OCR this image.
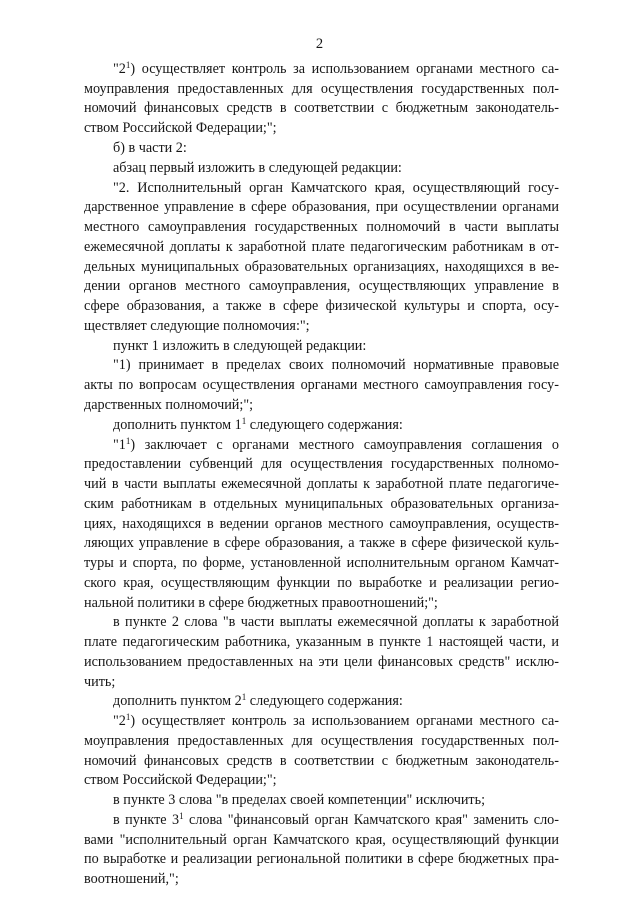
2
"$2^1$) осуществляет контроль за использованием органами местного са-
моуправления предоставленных для осуществления государственных пол-
номочий финансовых средств в соответствии с бюджетным законодатель-
ством Российской Федерации;";
б) в части 2:
абзац первый изложить в следующей редакции:
"2. Исполнительный орган Камчатского края, осуществляющий госу-
дарственное управление в сфере образования, при осуществлении органами
местного самоуправления государственных полномочий в части выплаты
ежемесячной доплаты к заработной плате педагогическим работникам в от-
дельных муниципальных образовательных организациях, находящихся в ве-
дении органов местного самоуправления, осуществляющих управление в
сфере образования, а также в сфере физической культуры и спорта, осу-
ществляет следующие полномочия:";
пункт 1 изложить в следующей редакции:
"1) принимает в пределах своих полномочий нормативные правовые
акты по вопросам осуществления органами местного самоуправления госу-
дарственных полномочий;";
дополнить пунктом $1^1$ следующего содержания:
"$1^1$) заключает с органами местного самоуправления соглашения о
предоставлении субвенций для осуществления государственных полномо-
чий в части выплаты ежемесячной доплаты к заработной плате педагогиче-
ским работникам в отдельных муниципальных образовательных организа-
циях, находящихся в ведении органов местного самоуправления, осуществ-
ляющих управление в сфере образования, а также в сфере физической куль-
туры и спорта, по форме, установленной исполнительным органом Камчат-
ского края, осуществляющим функции по выработке и реализации регио-
нальной политики в сфере бюджетных правоотношений;";
в пункте 2 слова "в части выплаты ежемесячной доплаты к заработной
плате педагогическим работника, указанным в пункте 1 настоящей части, и
использованием предоставленных на эти цели финансовых средств" исклю-
чить;
дополнить пунктом $2^1$ следующего содержания:
"$2^1$) осуществляет контроль за использованием органами местного са-
моуправления предоставленных для осуществления государственных пол-
номочий финансовых средств в соответствии с бюджетным законодатель-
ством Российской Федерации;";
в пункте 3 слова "в пределах своей компетенции" исключить;
в пункте $3^1$ слова "финансовый орган Камчатского края" заменить сло-
вами "исполнительный орган Камчатского края, осуществляющий функции
по выработке и реализации региональной политики в сфере бюджетных пра-
воотношений,";
